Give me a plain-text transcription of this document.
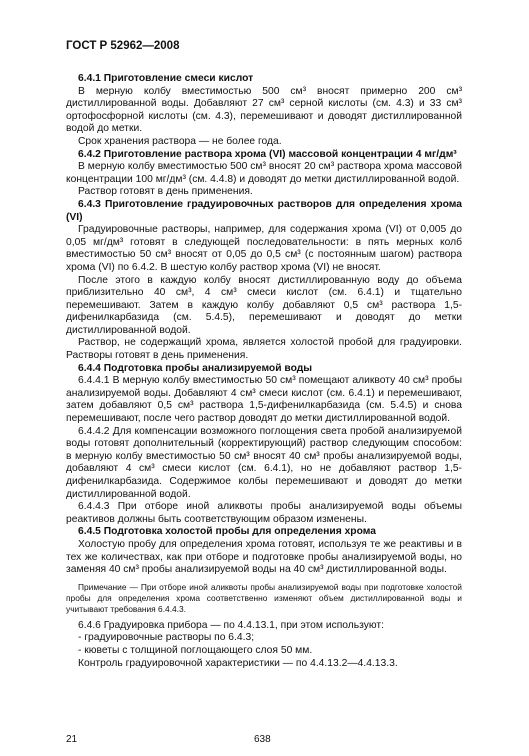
ГОСТ Р 52962—2008

6.4.1 Приготовление смеси кислот

В мерную колбу вместимостью 500 см³ вносят примерно 200 см³ дистиллированной воды. Добавляют 27 см³ серной кислоты (см. 4.3) и 33 см³ ортофосфорной кислоты (см. 4.3), перемешивают и доводят дистиллированной водой до метки.

Срок хранения раствора — не более года.

6.4.2 Приготовление раствора хрома (VI) массовой концентрации 4 мг/дм³

В мерную колбу вместимостью 500 см³ вносят 20 см³ раствора хрома массовой концентрации 100 мг/дм³ (см. 4.4.8) и доводят до метки дистиллированной водой.

Раствор готовят в день применения.

6.4.3 Приготовление градуировочных растворов для определения хрома (VI)

Градуировочные растворы, например, для содержания хрома (VI) от 0,005 до 0,05 мг/дм³ готовят в следующей последовательности: в пять мерных колб вместимостью 50 см³ вносят от 0,05 до 0,5 см³ (с постоянным шагом) раствора хрома (VI) по 6.4.2. В шестую колбу раствор хрома (VI) не вносят.

После этого в каждую колбу вносят дистиллированную воду до объема приблизительно 40 см³, 4 см³ смеси кислот (см. 6.4.1) и тщательно перемешивают. Затем в каждую колбу добавляют 0,5 см³ раствора 1,5-дифенилкарбазида (см. 5.4.5), перемешивают и доводят до метки дистиллированной водой.

Раствор, не содержащий хрома, является холостой пробой для градуировки. Растворы готовят в день применения.

6.4.4 Подготовка пробы анализируемой воды

6.4.4.1 В мерную колбу вместимостью 50 см³ помещают аликвоту 40 см³ пробы анализируемой воды. Добавляют 4 см³ смеси кислот (см. 6.4.1) и перемешивают, затем добавляют 0,5 см³ раствора 1,5-дифенилкарбазида (см. 5.4.5) и снова перемешивают, после чего раствор доводят до метки дистиллированной водой.

6.4.4.2 Для компенсации возможного поглощения света пробой анализируемой воды готовят дополнительный (корректирующий) раствор следующим способом: в мерную колбу вместимостью 50 см³ вносят 40 см³ пробы анализируемой воды, добавляют 4 см³ смеси кислот (см. 6.4.1), но не добавляют раствор 1,5-дифенилкарбазида. Содержимое колбы перемешивают и доводят до метки дистиллированной водой.

6.4.4.3 При отборе иной аликвоты пробы анализируемой воды объемы реактивов должны быть соответствующим образом изменены.

6.4.5 Подготовка холостой пробы для определения хрома

Холостую пробу для определения хрома готовят, используя те же реактивы и в тех же количествах, как при отборе и подготовке пробы анализируемой воды, но заменяя 40 см³ пробы анализируемой воды на 40 см³ дистиллированной воды.

Примечание — При отборе иной аликвоты пробы анализируемой воды при подготовке холостой пробы для определения хрома соответственно изменяют объем дистиллированной воды и учитывают требования 6.4.4.3.

6.4.6 Градуировка прибора — по 4.4.13.1, при этом используют:

- градуировочные растворы по 6.4.3;

- кюветы с толщиной поглощающего слоя 50 мм.

Контроль градуировочной характеристики — по 4.4.13.2—4.4.13.3.

21	638
